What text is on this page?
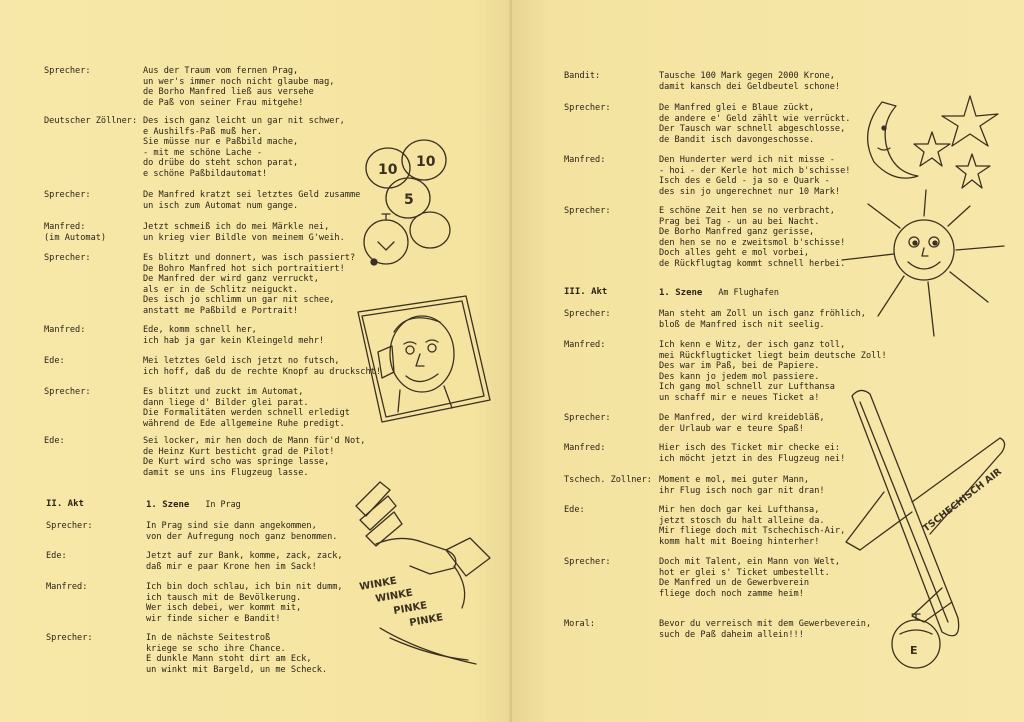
Sprecher:	Aus der Traum vom fernen Prag,
un wer's immer noch nicht glaube mag,
de Borho Manfred ließ aus versehe
de Paß von seiner Frau mitgehe!
Deutscher Zöllner: Des isch ganz leicht un gar nit schwer,
e Aushilfs-Paß muß her.
Sie müsse nur e Paßbild mache,
- mit me schöne Lache -
do drübe do steht schon parat,
e schöne Paßbildautomat!
Sprecher:	De Manfred kratzt sei letztes Geld zusamme
un isch zum Automat num gange.
Manfred:
(im Automat)
Jetzt schmeiß ich do mei Märkle nei,
un krieg vier Bildle von meinem G'weih.
Sprecher:	Es blitzt und donnert, was isch passiert?
De Bohro Manfred hot sich portraitiert!
De Manfred der wird ganz verruckt,
als er in de Schlitz neiguckt.
Des isch jo schlimm un gar nit schee,
anstatt me Paßbild e Portrait!
Manfred:	Ede, komm schnell her,
ich hab ja gar kein Kleingeld mehr!
Ede:	Mei letztes Geld isch jetzt no futsch,
ich hoff, daß du de rechte Knopf au druckscht!
Sprecher:	Es blitzt und zuckt im Automat,
dann liege d' Bilder glei parat.
Die Formalitäten werden schnell erledigt
während de Ede allgemeine Ruhe predigt.
Ede:	Sei locker, mir hen doch de Mann für'd Not,
de Heinz Kurt besticht grad de Pilot!
De Kurt wird scho was springe lasse,
damit se uns ins Flugzeug lasse.
II. Akt	1. Szene In Prag
Sprecher:	In Prag sind sie dann angekommen,
von der Aufregung noch ganz benommen.
Ede:	Jetzt auf zur Bank, komme, zack, zack,
daß mir e paar Krone hen im Sack!
Manfred:	Ich bin doch schlau, ich bin nit dumm,
ich tausch mit de Bevölkerung.
Wer isch debei, wer kommt mit,
wir finde sicher e Bandit!
Sprecher:	In de nächste Seitestroß
kriege se scho ihre Chance.
E dunkle Mann stoht dirt am Eck,
un winkt mit Bargeld, un me Scheck.
10 10
5
WINKE
WINKE
PINKE
PINKE
Bandit:	Tausche 100 Mark gegen 2000 Krone,
damit kansch dei Geldbeutel schone!
Sprecher:	De Manfred glei e Blaue zückt,
de andere e' Geld zählt wie verrückt.
Der Tausch war schnell abgeschlosse,
de Bandit isch davongeschosse.
Manfred:	Den Hunderter werd ich nit misse -
- hoi - der Kerle hot mich b'schisse!
Isch des e Geld - ja so e Quark -
des sin jo ungerechnet nur 10 Mark!
Sprecher:	E schöne Zeit hen se no verbracht,
Prag bei Tag - un au bei Nacht.
De Borho Manfred ganz gerisse,
den hen se no e zweitsmol b'schisse!
Doch alles geht e mol vorbei,
de Rückflugtag kommt schnell herbei.
III. Akt	1. Szene Am Flughafen
Sprecher:	Man steht am Zoll un isch ganz fröhlich,
bloß de Manfred isch nit seelig.
Manfred:	Ich kenn e Witz, der isch ganz toll,
mei Rückflugticket liegt beim deutsche Zoll!
Des war im Paß, bei de Papiere.
Des kann jo jedem mol passiere.
Ich gang mol schnell zur Lufthansa
un schaff mir e neues Ticket a!
Sprecher:	De Manfred, der wird kreidebläß,
der Urlaub war e teure Spaß!
Manfred:	Hier isch des Ticket mir checke ei:
ich möcht jetzt in des Flugzeug nei!
Tschech. Zollner: Moment e mol, mei guter Mann,
ihr Flug isch noch gar nit dran!
Ede:	Mir hen doch gar kei Lufthansa,
jetzt stosch du halt alleine da.
Mir fliege doch mit Tschechisch-Air,
komm halt mit Boeing hinterher!
Sprecher:	Doch mit Talent, ein Mann von Welt,
hot er glei s' Ticket umbestellt.
De Manfred un de Gewerbverein
fliege doch noch zamme heim!
Moral:	Bevor du verreisch mit dem Gewerbeverein,
such de Paß daheim allein!!!
TSCHECHISCH AIR
E
